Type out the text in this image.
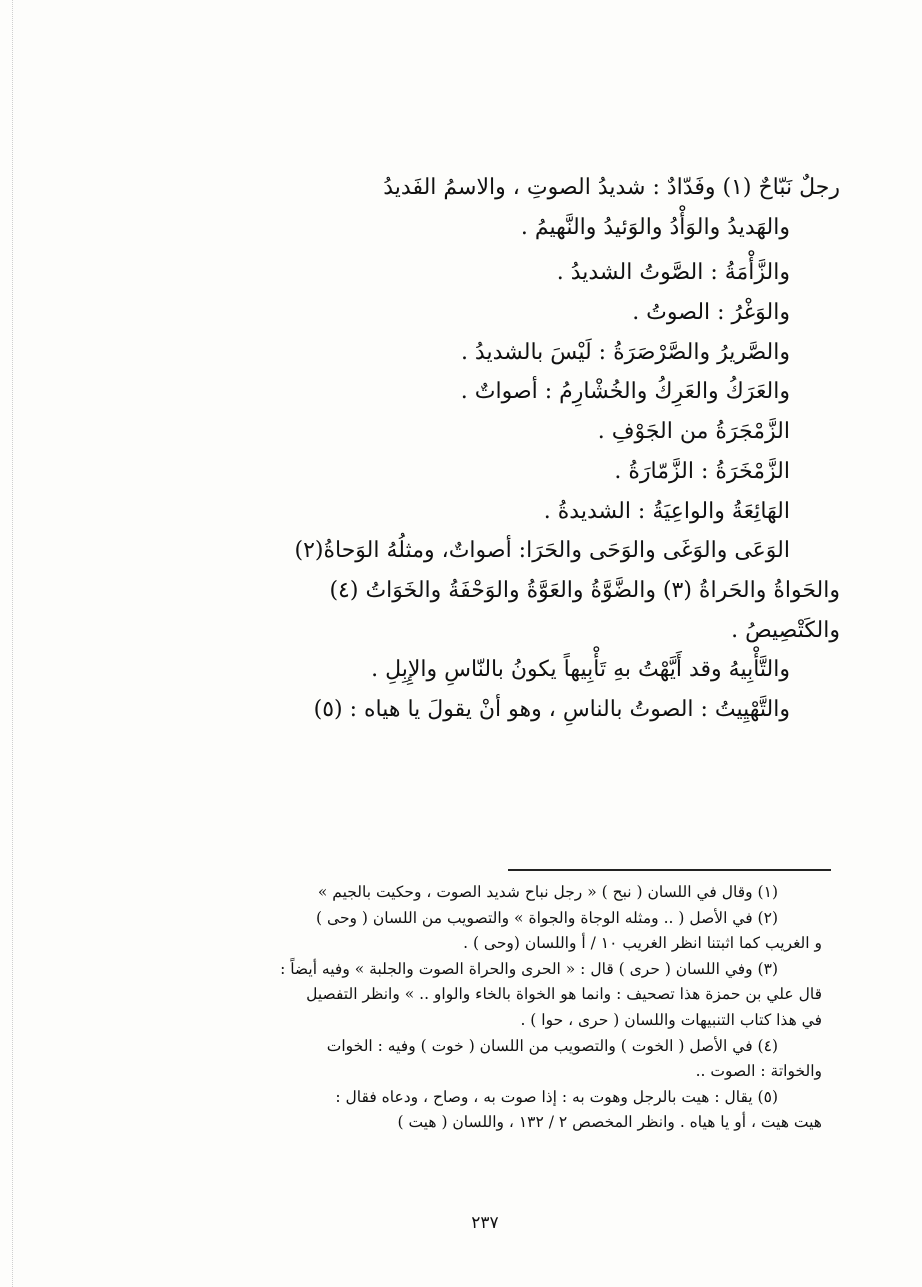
رجلٌ نَبّاحٌ (١) وفَدّادٌ : شديدُ الصوتِ ، والاسمُ الفَديدُ
والهَديدُ والوَأْدُ والوَئيدُ والنَّهيمُ .
والزَّأْمَةُ : الصَّوتُ الشديدُ .
والوَغْرُ : الصوتُ .
والصَّريرُ والصَّرْصَرَةُ : لَيْسَ بالشديدُ .
والعَرَكُ والعَرِكُ والخُشْارِمُ : أصواتٌ .
الزَّمْجَرَةُ من الجَوْفِ .
الزَّمْخَرَةُ : الزَّمّارَةُ .
الهَائِعَةُ والواعِيَةُ : الشديدةُ .
الوَعَى والوَغَى والوَحَى والحَرَا: أصواتٌ، ومثلُهُ الوَحاةُ(٢)
والحَواةُ والحَراةُ (٣) والضَّوَّةُ والعَوَّةُ والوَحْفَةُ والخَوَاتُ (٤)
والكَتْصِيصُ .
والتَّأْبِيهُ وقد أَيَّهْتُ بهِ تَأْبِيهاً يكونُ بالنّاسِ والإِبِلِ .
والتَّهْيِيتُ : الصوتُ بالناسِ ، وهو أنْ يقولَ يا هياه : (٥)
(١) وقال في اللسان ( نبح ) « رجل نباح شديد الصوت ، وحكيت بالجيم »
(٢) في الأصل ( .. ومثله الوجاة والجواة » والتصويب من اللسان ( وحى )
و الغريب كما اثبتنا انظر الغريب ١٠ / أ واللسان (وحى ) .
(٣) وفي اللسان ( حرى ) قال : « الحرى والحراة الصوت والجلبة » وفيه أيضاً :
قال علي بن حمزة هذا تصحيف : وانما هو الخواة بالخاء والواو .. » وانظر التفصيل
في هذا كتاب التنبيهات واللسان ( حرى ، حوا ) .
(٤) في الأصل ( الخوت ) والتصويب من اللسان ( خوت ) وفيه : الخوات
والخواتة : الصوت ..
(٥) يقال : هيت بالرجل وهوت به : إذا صوت به ، وصاح ، ودعاه فقال :
هيت هيت ، أو يا هياه . وانظر المخصص ٢ / ١٣٢ ، واللسان ( هيت )
٢٣٧
